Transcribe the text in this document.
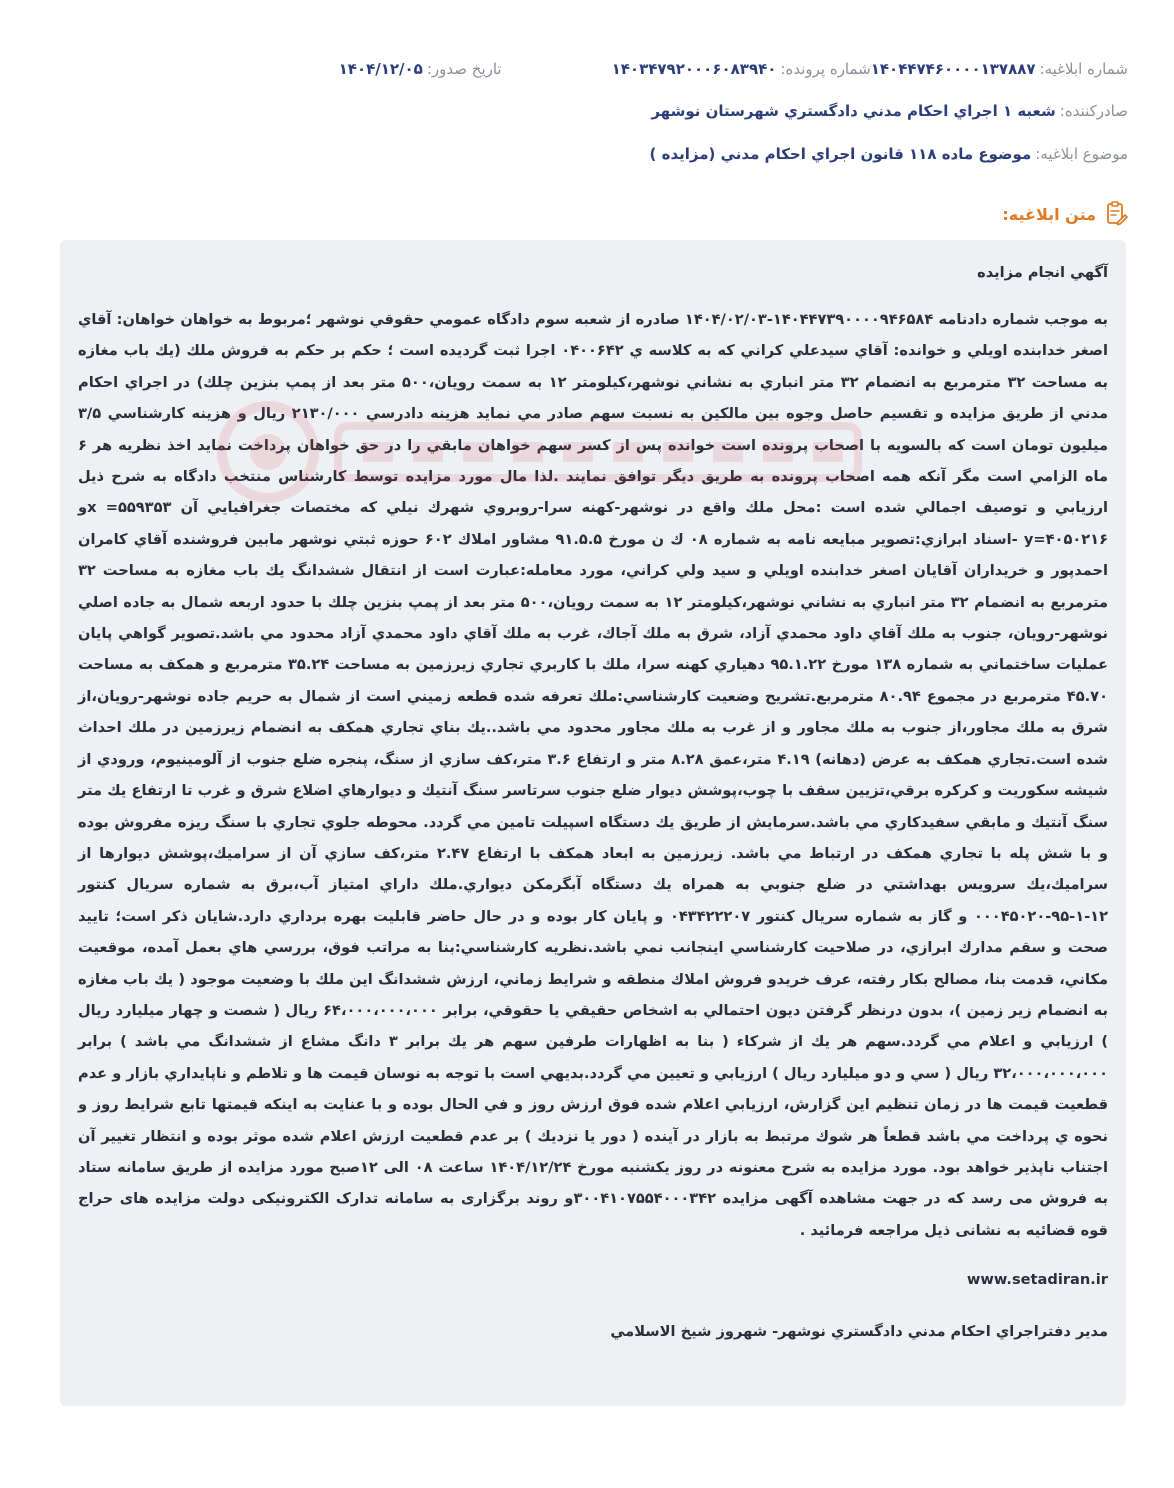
شماره ابلاغيه:
۱۴۰۴۴۷۴۶۰۰۰۰۱۳۷۸۸۷
شماره پرونده:
۱۴۰۳۴۷۹۲۰۰۰۶۰۸۳۹۴۰
تاريخ صدور:
۱۴۰۴/۱۲/۰۵
صادرکننده:
شعبه ۱ اجراي احکام مدني دادگستري شهرستان نوشهر
موضوع ابلاغيه:
موضوع ماده ۱۱۸ قانون اجراي احكام مدني (مزايده )
متن ابلاغيه:

آگهي انجام مزايده

به موجب شماره دادنامه ۱۴۰۴۴۷۳۹۰۰۰۰۹۴۶۵۸۴-۱۴۰۴/۰۲/۰۳ صادره از شعبه سوم دادگاه عمومي حقوقي نوشهر ؛مربوط به خواهان خواهان: آقاي اصغر خدابنده اويلي و خوانده: آقاي سيدعلي كراني كه به كلاسه ي ۰۴۰۰۶۴۲ اجرا ثبت گرديده است ؛ حكم بر حكم به فروش ملك (يك باب مغازه به مساحت ۳۲ مترمربع به انضمام ۳۲ متر انباري به نشاني نوشهر،كيلومتر ۱۲ به سمت رويان،۵۰۰ متر بعد از پمپ بنزين چلك) در اجراي احكام مدني از طريق مزايده و تقسيم حاصل وجوه بين مالكين به نسبت سهم صادر مي نمايد هزينه دادرسي ۲۱۳۰/۰۰۰ ريال و هزينه كارشناسي ۳/۵ ميليون تومان است كه بالسويه با اصحاب پرونده است خوانده پس از كسر سهم خواهان مابقي را در حق خواهان پرداخت نمايد اخذ نظريه هر ۶ ماه الزامي است مگر آنكه همه اصحاب پرونده به طريق ديگر توافق نمايند .لذا مال مورد مزايده توسط كارشناس منتخب دادگاه به شرح ذيل ارزيابي و توصيف اجمالي شده است :محل ملك واقع در نوشهر-كهنه سرا-روبروي شهرك نيلي كه مختصات جغرافيايي آن ۵۵۹۳۵۳= xو ۴۰۵۰۲۱۶=y -اسناد ابرازي:تصوير مبايعه نامه به شماره ۰۸ ك ن مورخ ۹۱.۵.۵ مشاور املاك ۶۰۲ حوزه ثبتي نوشهر مابين فروشنده آقاي كامران احمدپور و خريداران آقايان اصغر خدابنده اويلي و سيد ولي كراني، مورد معامله:عبارت است از انتقال ششدانگ يك باب مغازه به مساحت ۳۲ مترمربع به انضمام ۳۲ متر انباري به نشاني نوشهر،كيلومتر ۱۲ به سمت رويان،۵۰۰ متر بعد از پمپ بنزين چلك با حدود اربعه شمال به جاده اصلي نوشهر-رويان، جنوب به ملك آقاي داود محمدي آزاد، شرق به ملك آجاك، غرب به ملك آقاي داود محمدي آزاد محدود مي باشد.تصوير گواهي پايان عمليات ساختماني به شماره ۱۳۸ مورخ ۹۵.۱.۲۲ دهياري كهنه سرا، ملك با كاربري تجاري زيرزمين به مساحت ۳۵.۲۴ مترمربع و همكف به مساحت ۴۵.۷۰ مترمربع در مجموع ۸۰.۹۴ مترمربع.تشريح وضعيت كارشناسي:ملك تعرفه شده قطعه زميني است از شمال به حريم جاده نوشهر-رويان،از شرق به ملك مجاور،از جنوب به ملك مجاور و از غرب به ملك مجاور محدود مي باشد..يك بناي تجاري همكف به انضمام زيرزمين در ملك احداث شده است.تجاري همكف به عرض (دهانه) ۴.۱۹ متر،عمق ۸.۲۸ متر و ارتفاع ۳.۶ متر،كف سازي از سنگ، پنجره ضلع جنوب از آلومينيوم، ورودي از شيشه سكوريت و كركره برقي،تزيين سقف با چوب،پوشش ديوار ضلع جنوب سرتاسر سنگ آنتيك و ديوارهاي اضلاع شرق و غرب تا ارتفاع يك متر سنگ آنتيك و مابقي سفيدكاري مي باشد.سرمايش از طريق يك دستگاه اسپيلت تامين مي گردد. محوطه جلوي تجاري با سنگ ريزه مفروش بوده و با شش پله با تجاري همكف در ارتباط مي باشد. زيرزمين به ابعاد همكف با ارتفاع ۲.۴۷ متر،كف سازي آن از سراميك،پوشش ديوارها از سراميك،يك سرويس بهداشتي در ضلع جنوبي به همراه يك دستگاه آبگرمكن ديواري.ملك داراي امتياز آب،برق به شماره سريال كنتور ۱۲-۱-۹۵-۰۰۰۴۵۰۲۰ و گاز به شماره سريال كنتور ۰۴۳۴۲۲۲۰۷ و پايان كار بوده و در حال حاضر قابليت بهره برداري دارد.شايان ذكر است؛ تاييد صحت و سقم مدارك ابرازي، در صلاحيت كارشناسي اينجانب نمي باشد.نظريه كارشناسي:بنا به مراتب فوق، بررسي هاي بعمل آمده، موقعيت مكاني، قدمت بنا، مصالح بكار رفته، عرف خريدو فروش املاك منطقه و شرايط زماني، ارزش ششدانگ اين ملك با وضعيت موجود ( يك باب مغازه به انضمام زير زمين )، بدون درنظر گرفتن ديون احتمالي به اشخاص حقيقي يا حقوقي، برابر ۶۴،۰۰۰،۰۰۰،۰۰۰ ريال ( شصت و چهار ميليارد ريال ) ارزيابي و اعلام مي گردد.سهم هر يك از شركاء ( بنا به اظهارات طرفين سهم هر يك برابر ۳ دانگ مشاع از ششدانگ مي باشد ) برابر ۳۲،۰۰۰،۰۰۰،۰۰۰ ريال ( سي و دو ميليارد ريال ) ارزيابي و تعيين مي گردد.بديهي است با توجه به نوسان قيمت ها و تلاطم و ناپايداري بازار و عدم قطعيت قيمت ها در زمان تنظيم اين گزارش، ارزيابي اعلام شده فوق ارزش روز و في الحال بوده و با عنايت به اينكه قيمتها تابع شرايط روز و نحوه ي پرداخت مي باشد قطعاً هر شوك مرتبط به بازار در آينده ( دور يا نزديك ) بر عدم قطعيت ارزش اعلام شده موثر بوده و انتظار تغيير آن اجتناب ناپذير خواهد بود. مورد مزايده به شرح معنونه در روز يكشنبه مورخ ۱۴۰۴/۱۲/۲۴ ساعت ۰۸ الی ۱۲صبح مورد مزايده از طريق سامانه ستاد به فروش می رسد كه در جهت مشاهده آگهی مزايده ۳۰۰۴۱۰۷۵۵۴۰۰۰۳۴۲و روند برگزاری به سامانه تدارک الکترونيکی دولت مزايده های حراج قوه قضائيه به نشانی ذيل مراجعه فرمائيد .

www.setadiran.ir

مدير دفتراجراي احكام مدني دادگستري نوشهر- شهروز شيخ الاسلامي
